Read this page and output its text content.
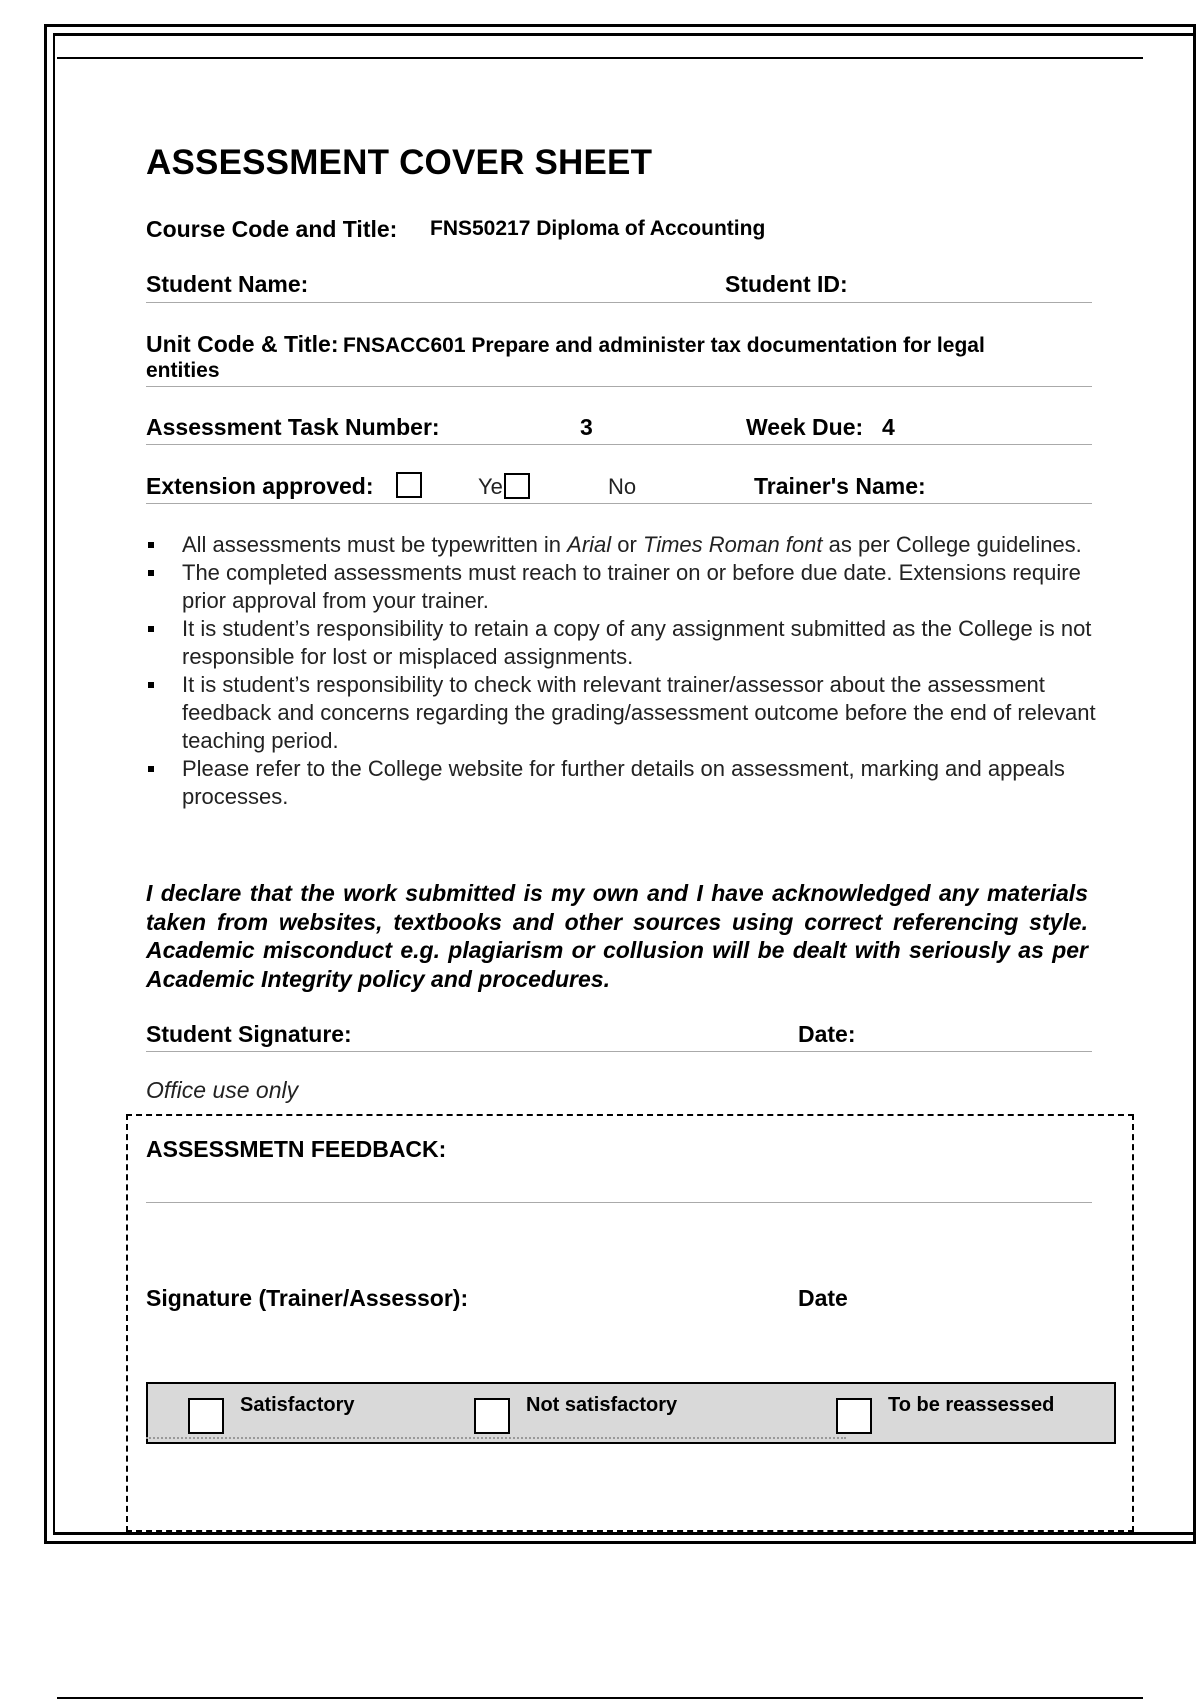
ASSESSMENT COVER SHEET
Course Code and Title: FNS50217 Diploma of Accounting
Student Name:	Student ID:
Unit Code & Title: FNSACC601 Prepare and administer tax documentation for legal
entities
Assessment Task Number:	3	Week Due: 4
Extension approved:	Ye	No	Trainer's Name:
All assessments must be typewritten in Arial or Times Roman font as per College guidelines.
The completed assessments must reach to trainer on or before due date. Extensions require prior approval from your trainer.
It is student’s responsibility to retain a copy of any assignment submitted as the College is not responsible for lost or misplaced assignments.
It is student’s responsibility to check with relevant trainer/assessor about the assessment feedback and concerns regarding the grading/assessment outcome before the end of relevant teaching period.
Please refer to the College website for further details on assessment, marking and appeals processes.
I declare that the work submitted is my own and I have acknowledged any materials taken from websites, textbooks and other sources using correct referencing style. Academic misconduct e.g. plagiarism or collusion will be dealt with seriously as per Academic Integrity policy and procedures.
Student Signature:	Date:
Office use only
ASSESSMETN FEEDBACK:
Signature (Trainer/Assessor):	Date
Satisfactory	Not satisfactory	To be reassessed
